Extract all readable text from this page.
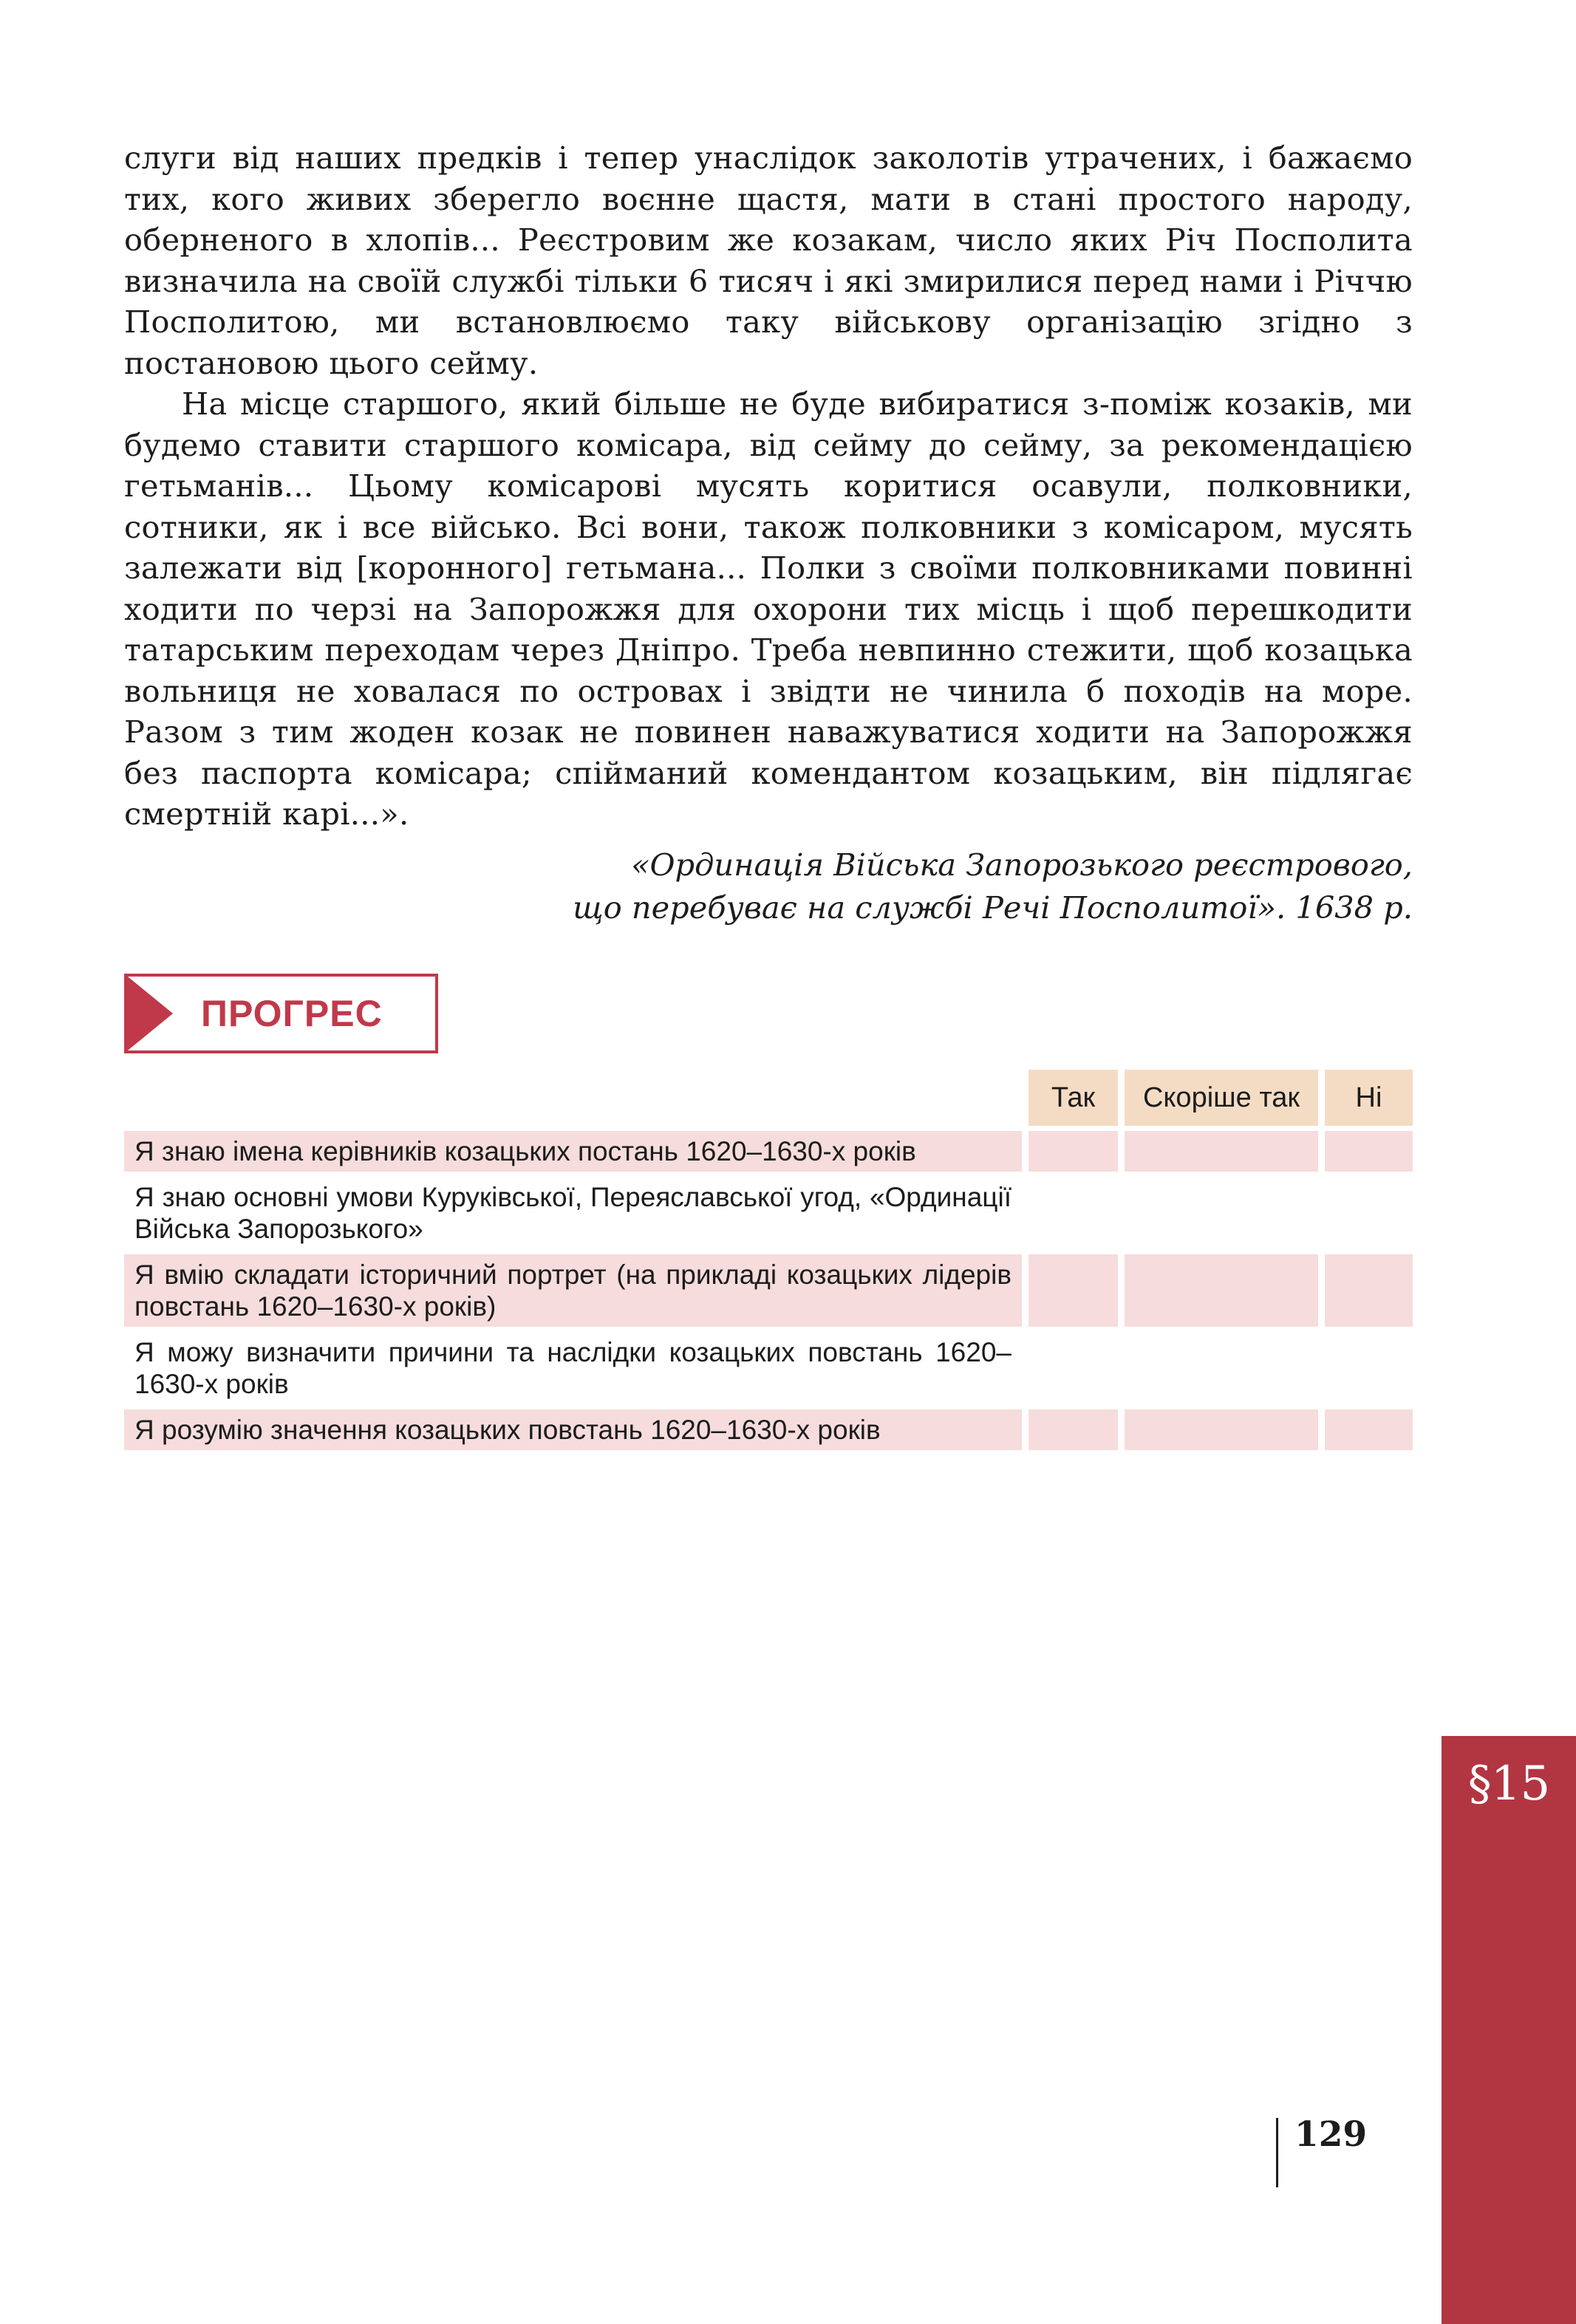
слуги від наших предків і тепер унаслідок заколотів утрачених, і бажаємо тих, кого живих зберегло воєнне щастя, мати в стані простого народу, оберненого в хлопів... Реєстровим же козакам, число яких Річ Посполита визначила на своїй службі тільки 6 тисяч і які змирилися перед нами і Річчю Посполитою, ми встановлюємо таку військову організацію згідно з постановою цього сейму.

На місце старшого, який більше не буде вибиратися з-поміж козаків, ми будемо ставити старшого комісара, від сейму до сейму, за рекомендацією гетьманів... Цьому комісарові мусять коритися осавули, полковники, сотники, як і все військо. Всі вони, також полковники з комісаром, мусять залежати від [коронного] гетьмана... Полки з своїми полковниками повинні ходити по черзі на Запорожжя для охорони тих місць і щоб перешкодити татарським переходам через Дніпро. Треба невпинно стежити, щоб козацька вольниця не ховалася по островах і звідти не чинила б походів на море. Разом з тим жоден козак не повинен наважуватися ходити на Запорожжя без паспорта комісара; спійманий комендантом козацьким, він підлягає смертній карі...».

«Ординація Війська Запорозького реєстрового,
що перебуває на службі Речі Посполитої». 1638 р.
ПРОГРЕС
Так	Скоріше так	Ні
Я знаю імена керівників козацьких постань 1620–1630-х років
Я знаю основні умови Куруківської, Переяславської угод, «Ординації Війська Запорозького»
Я вмію складати історичний портрет (на прикладі козацьких лідерів повстань 1620–1630-х років)
Я можу визначити причини та наслідки козацьких повстань 1620–1630-х років
Я розумію значення козацьких повстань 1620–1630-х років
§15
129
